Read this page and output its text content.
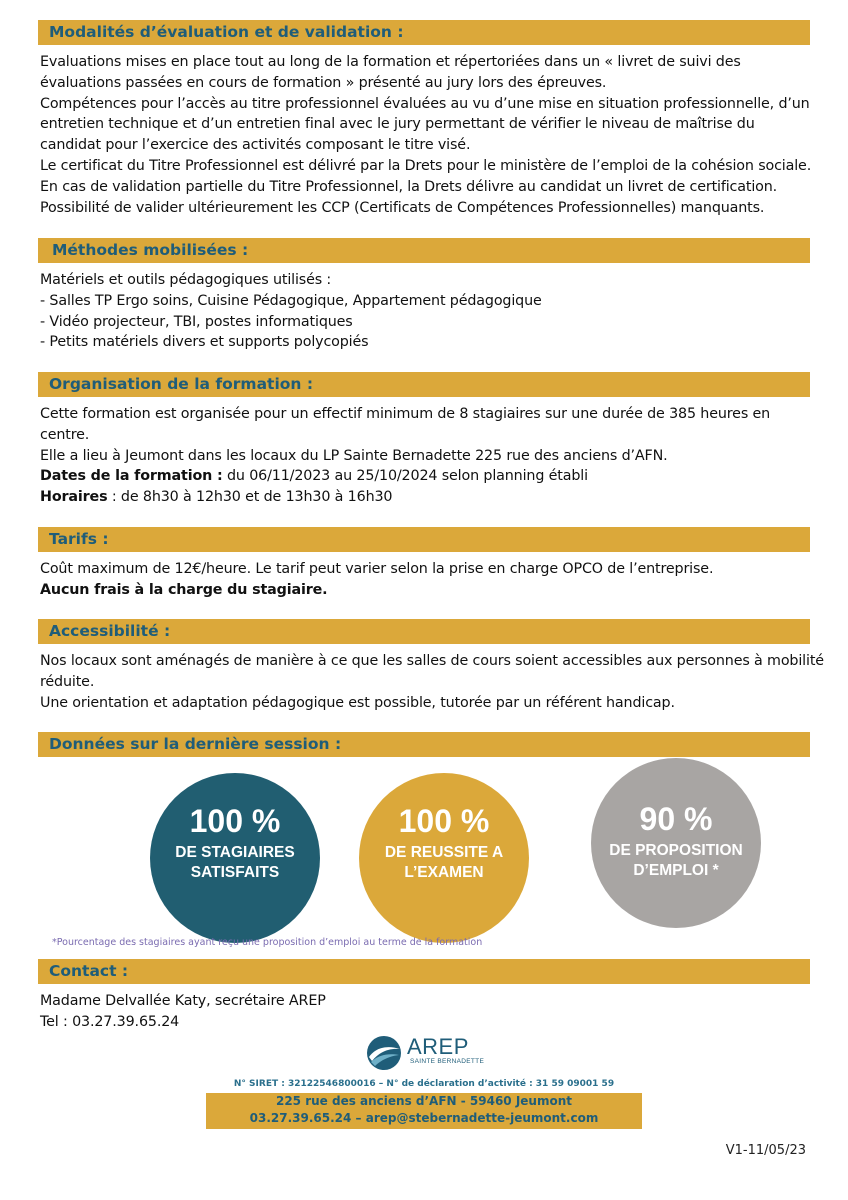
Modalités d’évaluation et de validation :
Evaluations mises en place tout au long de la formation et répertoriées dans un « livret de suivi des
évaluations passées en cours de formation » présenté au jury lors des épreuves.
Compétences pour l’accès au titre professionnel évaluées au vu d’une mise en situation professionnelle, d’un
entretien technique et d’un entretien final avec le jury permettant de vérifier le niveau de maîtrise du
candidat pour l’exercice des activités composant le titre visé.
Le certificat du Titre Professionnel est délivré par la Drets pour le ministère de l’emploi de la cohésion sociale.
En cas de validation partielle du Titre Professionnel, la Drets délivre au candidat un livret de certification.
Possibilité de valider ultérieurement les CCP (Certificats de Compétences Professionnelles) manquants.
Méthodes mobilisées :
Matériels et outils pédagogiques utilisés :
- Salles TP Ergo soins, Cuisine Pédagogique, Appartement pédagogique
- Vidéo projecteur, TBI, postes informatiques
- Petits matériels divers et supports polycopiés
Organisation de la formation :
Cette formation est organisée pour un effectif minimum de 8 stagiaires sur une durée de 385 heures en
centre.
Elle a lieu à Jeumont dans les locaux du LP Sainte Bernadette 225 rue des anciens d’AFN.
Dates de la formation : du 06/11/2023 au 25/10/2024 selon planning établi
Horaires : de 8h30 à 12h30 et de 13h30 à 16h30
Tarifs :
Coût maximum de 12€/heure. Le tarif peut varier selon la prise en charge OPCO de l’entreprise.
Aucun frais à la charge du stagiaire.
Accessibilité :
Nos locaux sont aménagés de manière à ce que les salles de cours soient accessibles aux personnes à mobilité
réduite.
Une orientation et adaptation pédagogique est possible, tutorée par un référent handicap.
Données sur la dernière session :
100 %
DE STAGIAIRES
SATISFAITS
100 %
DE REUSSITE A
L’EXAMEN
90 %
DE PROPOSITION
D’EMPLOI *
*Pourcentage des stagiaires ayant reçu une proposition d’emploi au terme de la formation
Contact :
Madame Delvallée Katy, secrétaire AREP
Tel : 03.27.39.65.24
AREP
SAINTE BERNADETTE
N° SIRET : 32122546800016 – N° de déclaration d’activité : 31 59 09001 59
225 rue des anciens d’AFN - 59460 Jeumont
03.27.39.65.24 – arep@stebernadette-jeumont.com
V1-11/05/23
